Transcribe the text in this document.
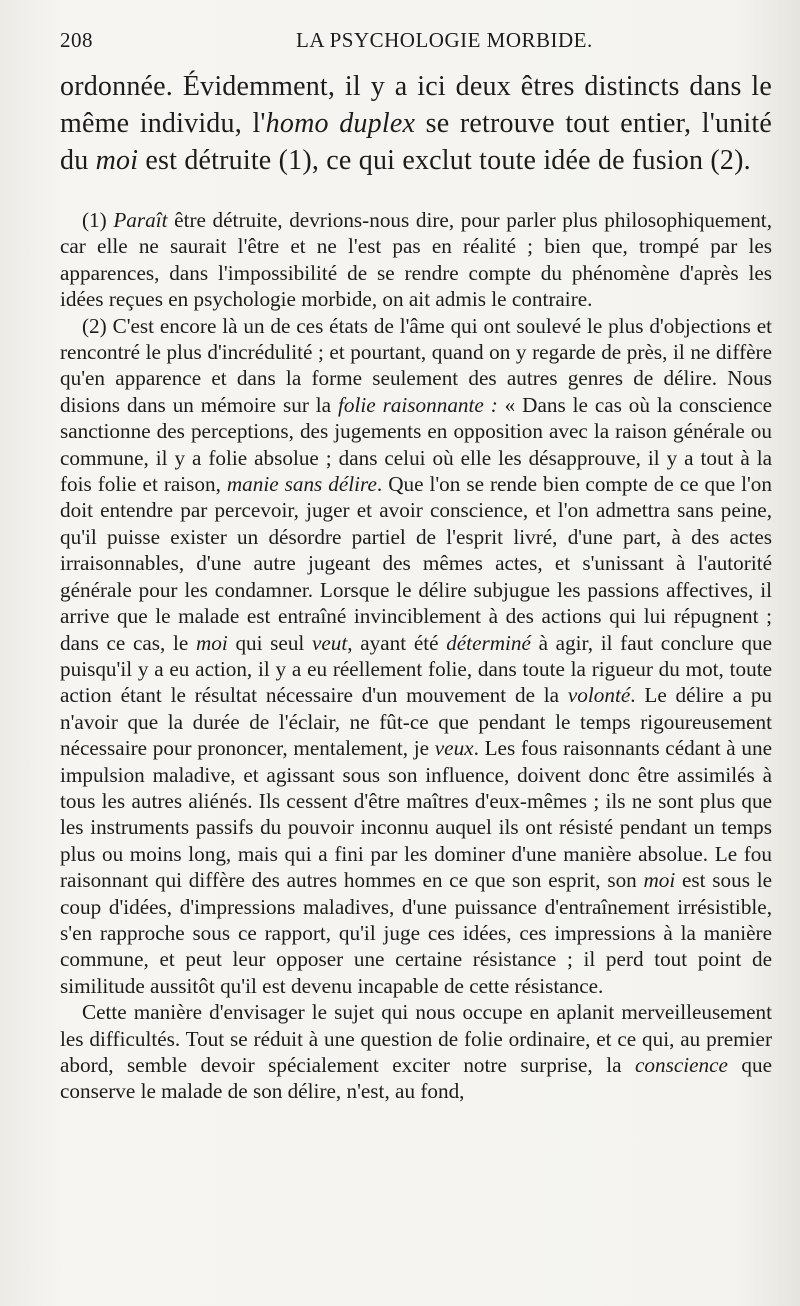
208	LA PSYCHOLOGIE MORBIDE.

ordonnée. Évidemment, il y a ici deux êtres distincts dans le même individu, l'homo duplex se retrouve tout entier, l'unité du moi est détruite (1), ce qui exclut toute idée de fusion (2).

(1) Paraît être détruite, devrions-nous dire, pour parler plus philosophiquement, car elle ne saurait l'être et ne l'est pas en réalité ; bien que, trompé par les apparences, dans l'impossibilité de se rendre compte du phénomène d'après les idées reçues en psychologie morbide, on ait admis le contraire.

(2) C'est encore là un de ces états de l'âme qui ont soulevé le plus d'objections et rencontré le plus d'incrédulité ; et pourtant, quand on y regarde de près, il ne diffère qu'en apparence et dans la forme seulement des autres genres de délire. Nous disions dans un mémoire sur la folie raisonnante : « Dans le cas où la conscience sanctionne des perceptions, des jugements en opposition avec la raison générale ou commune, il y a folie absolue ; dans celui où elle les désapprouve, il y a tout à la fois folie et raison, manie sans délire. Que l'on se rende bien compte de ce que l'on doit entendre par percevoir, juger et avoir conscience, et l'on admettra sans peine, qu'il puisse exister un désordre partiel de l'esprit livré, d'une part, à des actes irraisonnables, d'une autre jugeant des mêmes actes, et s'unissant à l'autorité générale pour les condamner. Lorsque le délire subjugue les passions affectives, il arrive que le malade est entraîné invinciblement à des actions qui lui répugnent ; dans ce cas, le moi qui seul veut, ayant été déterminé à agir, il faut conclure que puisqu'il y a eu action, il y a eu réellement folie, dans toute la rigueur du mot, toute action étant le résultat nécessaire d'un mouvement de la volonté. Le délire a pu n'avoir que la durée de l'éclair, ne fût-ce que pendant le temps rigoureusement nécessaire pour prononcer, mentalement, je veux. Les fous raisonnants cédant à une impulsion maladive, et agissant sous son influence, doivent donc être assimilés à tous les autres aliénés. Ils cessent d'être maîtres d'eux-mêmes ; ils ne sont plus que les instruments passifs du pouvoir inconnu auquel ils ont résisté pendant un temps plus ou moins long, mais qui a fini par les dominer d'une manière absolue. Le fou raisonnant qui diffère des autres hommes en ce que son esprit, son moi est sous le coup d'idées, d'impressions maladives, d'une puissance d'entraînement irrésistible, s'en rapproche sous ce rapport, qu'il juge ces idées, ces impressions à la manière commune, et peut leur opposer une certaine résistance ; il perd tout point de similitude aussitôt qu'il est devenu incapable de cette résistance.

Cette manière d'envisager le sujet qui nous occupe en aplanit merveilleusement les difficultés. Tout se réduit à une question de folie ordinaire, et ce qui, au premier abord, semble devoir spécialement exciter notre surprise, la conscience que conserve le malade de son délire, n'est, au fond,
